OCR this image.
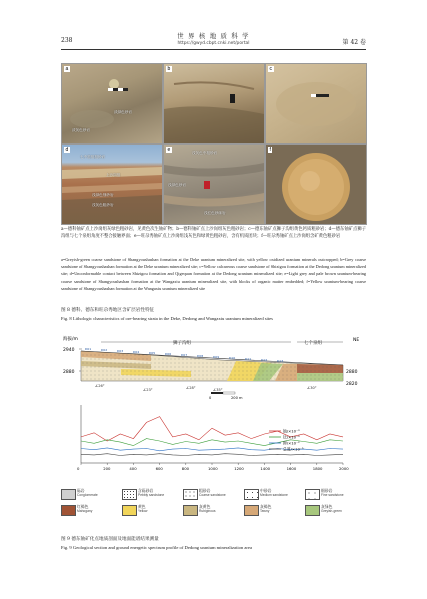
238
世 界 核 地 质 科 学
https://gwyd.cbpt.cnki.net/portal	第 42 卷
a
淡绿色砂岩
淡灰色砂岩
b	c
d
七中窑组粗砂岩
上沙岗组
浅绿色细砂岩
浅灰色粗砂岩
e	浅灰色中粗砂岩
浅绿色砂岩
浅红色砂砾岩
f
a—德科铀矿点上沙岗组灰绿色粗砂岩，见黄色次生铀矿物；b—德科铀矿点上沙岗组灰色粗砂岩；c—德东铀矿点狮子沟组黄色钙质粗砂岩；d—德东铀矿点狮子沟组与七个泉组角度不整合接触界面；e—旺尕秀铀矿点上沙岗组浅灰色和绿黄色粗砂岩，含有机质团块；f—旺尕秀铀矿点上沙岗组含矿黄色粗砂岩
a=Greyish-green coarse sandstone of Shangyoushashan formation at the Deke uranium mineralized site, with yellow oxidized uranium minerals outcropped; b=Grey coarse sandstone of Shangyoushashan formation at the Deke uranium mineralized site; c=Yellow calcareous coarse sandstone of Shizigou formation at the Dedong uranium mineralized site; d=Unconformable contact between Shizigou formation and Qigequan formation at the Dedong uranium mineralized site; e=Light grey and pale brown uranium-bearing coarse sandstone of Shangyoushashan formation at the Wangaxiu uranium mineralized site, with blocks of organic matter embedded; f=Yellow uranium-bearing coarse sandstone of Shangyoushashan formation at the Wangaxiu uranium mineralized site
图 8 德科、德东和旺尕秀地区含矿层岩性特征
Fig. 8 Lithologic characteristics of ore-bearing strata in the Deke, Dedong and Wangaxiu uranium mineralized sites
海拔/m
2940
2880	2880
2820
NE
狮子沟组	七个泉组
∠26°
∠23°	∠28°	∠35°	∠30°
D01	D02	D03	D04	D05	D06	D07	D08	D09	D10	D11	D12	D13
0	200 m
0	200	400	600	800	1000	1200	1400	1600	1800	2000
铀/×10⁻⁶
钍/×10⁻⁶
钾/×10⁻²
总道/×10⁻⁶
砾岩
Conglomerate
含砾砂岩
Pebbly sandstone
粗砂岩
Coarse sandstone
中砂岩
Medium sandstone
细砂岩
Fine sandstone
红褐色
Mahogany
黄色
Yellow
灰黄色
Rubiginous
灰褐色
Tawny
灰绿色
Greyish-green
图 9 德东铀矿化点地质剖面及地面能谱结果测量
Fig. 9 Geological section and ground energetic spectrum profile of Dedong uranium mineralization area
